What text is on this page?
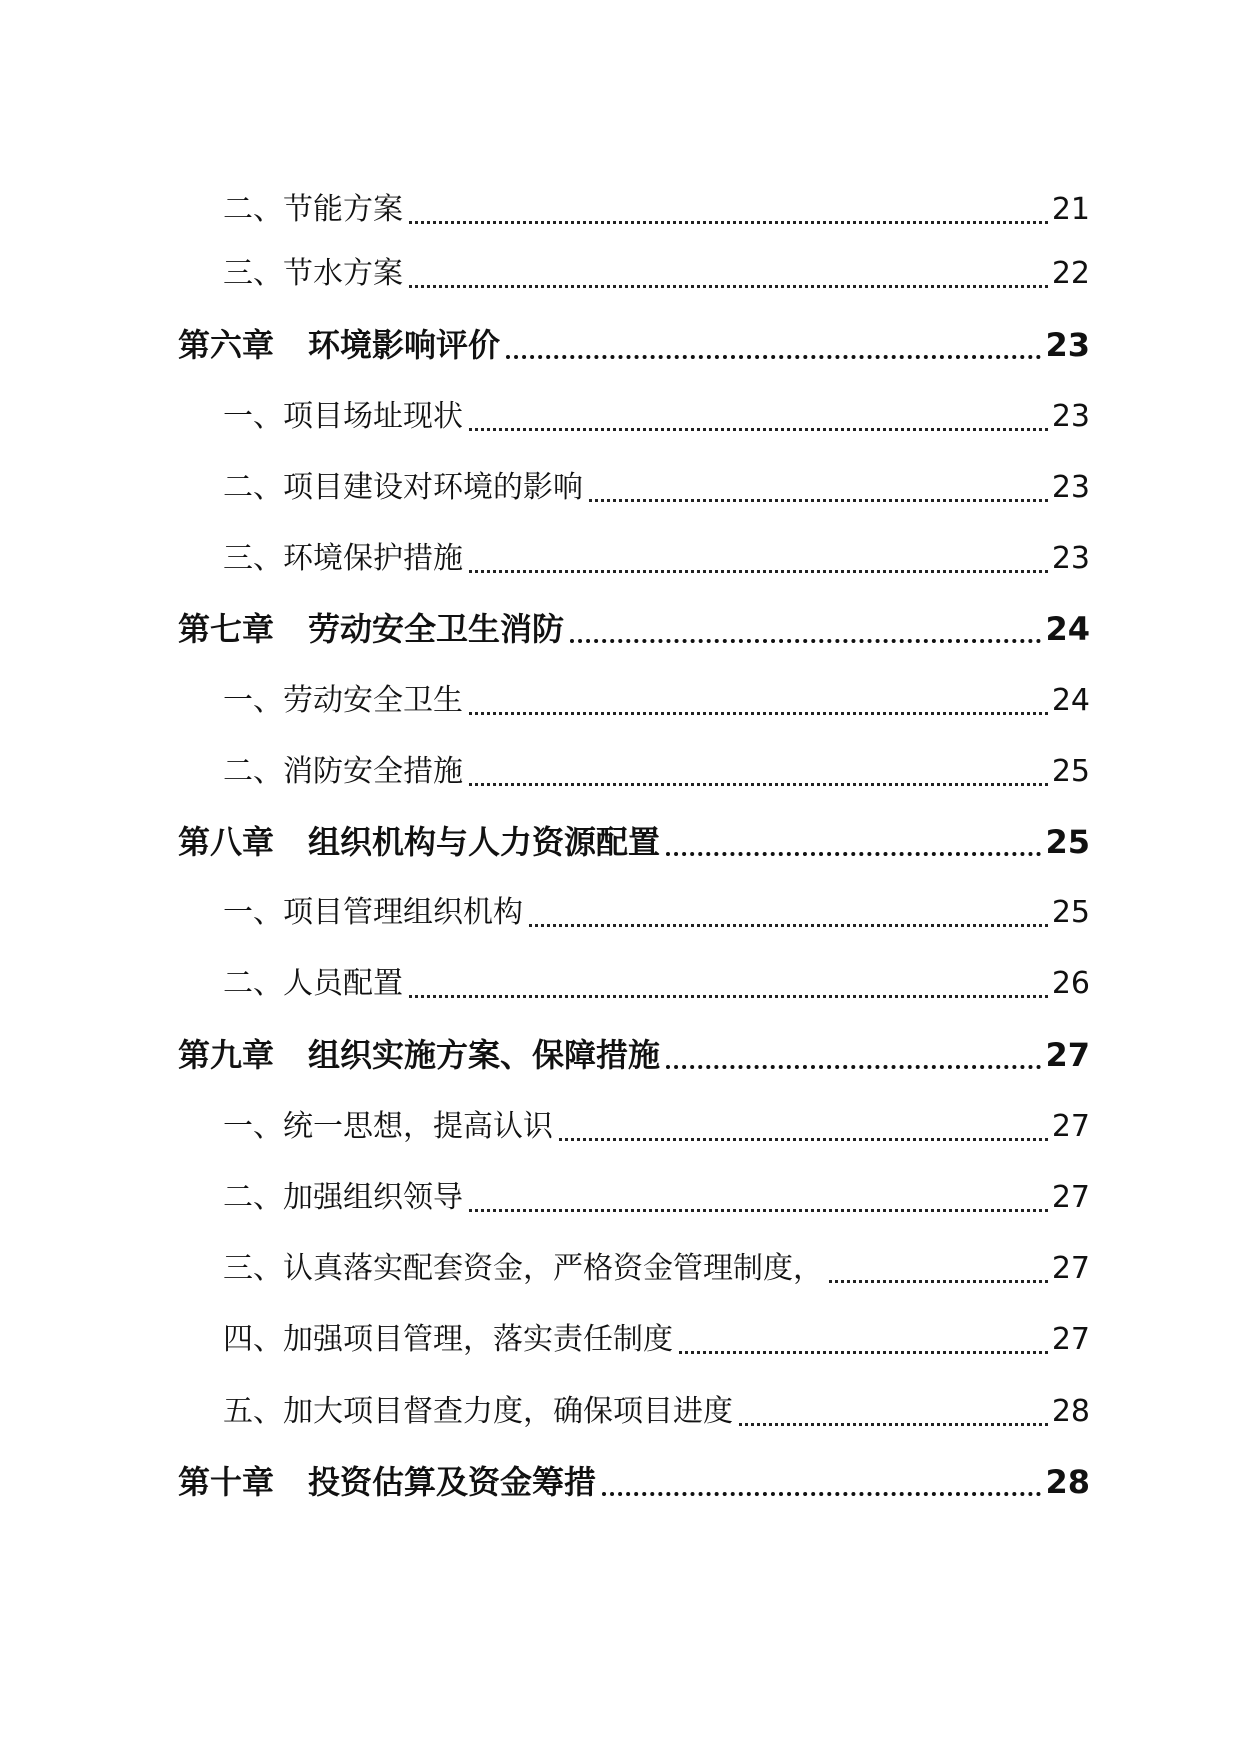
二、节能方案	21
三、节水方案	22
第六章 环境影响评价	23
一、项目场址现状	23
二、项目建设对环境的影响	23
三、环境保护措施	23
第七章 劳动安全卫生消防	24
一、劳动安全卫生	24
二、消防安全措施	25
第八章 组织机构与人力资源配置	25
一、项目管理组织机构	25
二、人员配置	26
第九章 组织实施方案、保障措施	27
一、统一思想，提高认识	27
二、加强组织领导	27
三、认真落实配套资金，严格资金管理制度，	27
四、加强项目管理，落实责任制度	27
五、加大项目督查力度，确保项目进度	28
第十章 投资估算及资金筹措	28
